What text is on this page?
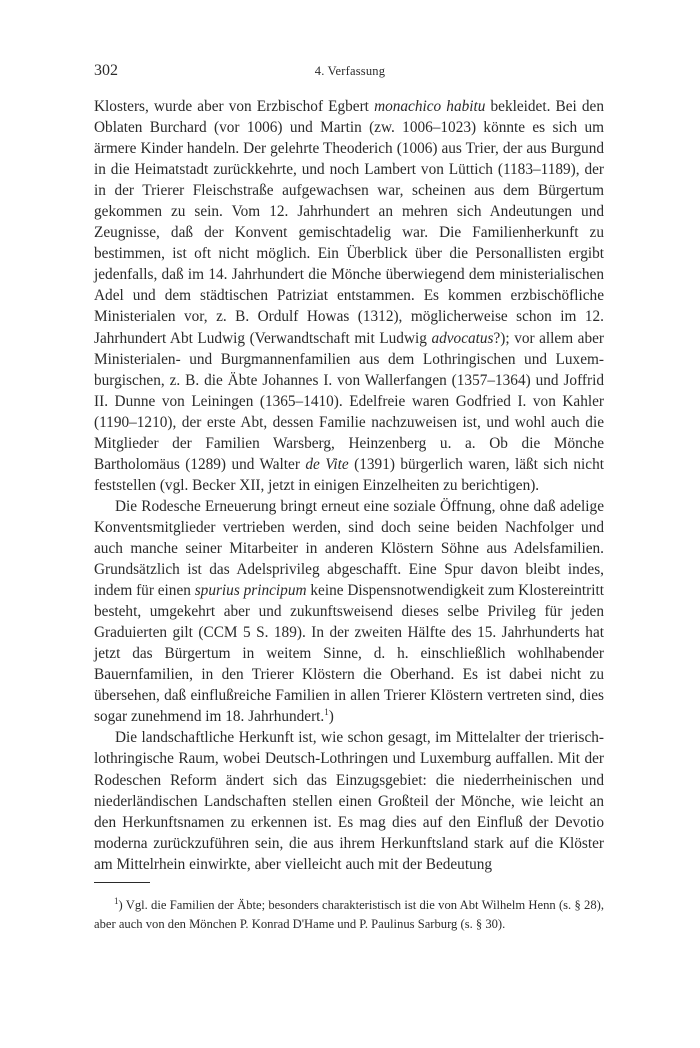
302	4. Verfassung

Klosters, wurde aber von Erzbischof Egbert monachico habitu bekleidet. Bei den Oblaten Burchard (vor 1006) und Martin (zw. 1006–1023) könnte es sich um ärmere Kinder handeln. Der gelehrte Theoderich (1006) aus Trier, der aus Burgund in die Heimatstadt zurückkehrte, und noch Lambert von Lüttich (1183–1189), der in der Trierer Fleischstraße aufgewachsen war, scheinen aus dem Bürgertum gekommen zu sein. Vom 12. Jahrhundert an mehren sich Andeutungen und Zeugnisse, daß der Konvent gemischtadelig war. Die Familienherkunft zu bestimmen, ist oft nicht möglich. Ein Überblick über die Personallisten ergibt jedenfalls, daß im 14. Jahrhundert die Mönche überwiegend dem ministerialischen Adel und dem städtischen Patriziat entstammen. Es kommen erzbischöfliche Ministerialen vor, z. B. Ordulf Howas (1312), möglicherweise schon im 12. Jahrhundert Abt Ludwig (Verwandtschaft mit Ludwig advocatus?); vor allem aber Ministerialen- und Burgmannenfamilien aus dem Lothringischen und Luxemburgischen, z. B. die Äbte Johannes I. von Wallerfangen (1357–1364) und Joffrid II. Dunne von Leiningen (1365–1410). Edelfreie waren Godfried I. von Kahler (1190–1210), der erste Abt, dessen Familie nachzuweisen ist, und wohl auch die Mitglieder der Familien Warsberg, Heinzenberg u. a. Ob die Mönche Bartholomäus (1289) und Walter de Vite (1391) bürgerlich waren, läßt sich nicht feststellen (vgl. Becker XII, jetzt in einigen Einzelheiten zu berichtigen).

Die Rodesche Erneuerung bringt erneut eine soziale Öffnung, ohne daß adelige Konventsmitglieder vertrieben werden, sind doch seine beiden Nachfolger und auch manche seiner Mitarbeiter in anderen Klöstern Söhne aus Adelsfamilien. Grundsätzlich ist das Adelsprivileg abgeschafft. Eine Spur davon bleibt indes, indem für einen spurius principum keine Dispensnotwendigkeit zum Klostereintritt besteht, umgekehrt aber und zukunftsweisend dieses selbe Privileg für jeden Graduierten gilt (CCM 5 S. 189). In der zweiten Hälfte des 15. Jahrhunderts hat jetzt das Bürgertum in weitem Sinne, d. h. einschließlich wohlhabender Bauernfamilien, in den Trierer Klöstern die Oberhand. Es ist dabei nicht zu übersehen, daß einflußreiche Familien in allen Trierer Klöstern vertreten sind, dies sogar zunehmend im 18. Jahrhundert.$^1$)

Die landschaftliche Herkunft ist, wie schon gesagt, im Mittelalter der trierisch-lothringische Raum, wobei Deutsch-Lothringen und Luxemburg auffallen. Mit der Rodeschen Reform ändert sich das Einzugsgebiet: die niederrheinischen und niederländischen Landschaften stellen einen Großteil der Mönche, wie leicht an den Herkunftsnamen zu erkennen ist. Es mag dies auf den Einfluß der Devotio moderna zurückzuführen sein, die aus ihrem Herkunftsland stark auf die Klöster am Mittelrhein einwirkte, aber vielleicht auch mit der Bedeutung

$^1$) Vgl. die Familien der Äbte; besonders charakteristisch ist die von Abt Wilhelm Henn (s. § 28), aber auch von den Mönchen P. Konrad D'Hame und P. Paulinus Sarburg (s. § 30).
